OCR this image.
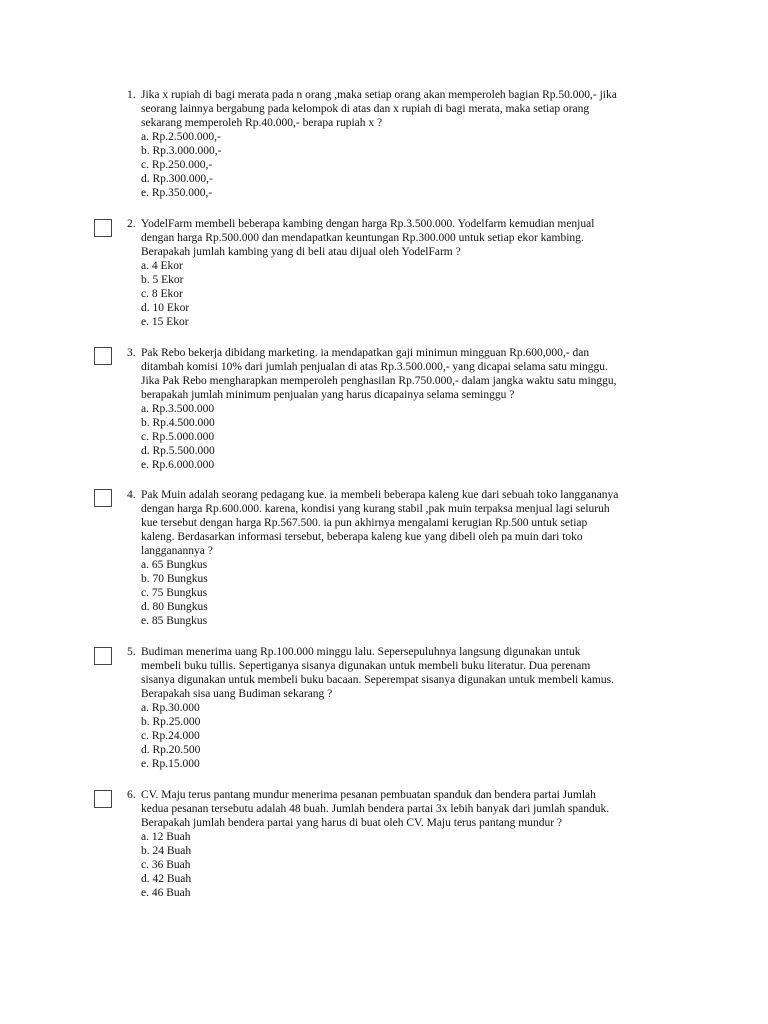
1. Jika x rupiah di bagi merata pada n orang ,maka setiap orang akan memperoleh bagian Rp.50.000,- jika
seorang lainnya bergabung pada kelompok di atas dan x rupiah di bagi merata, maka setiap orang
sekarang memperoleh Rp.40.000,- berapa rupiah x ?
a. Rp.2.500.000,-
b. Rp.3.000.000,-
c. Rp.250.000,-
d. Rp.300.000,-
e. Rp.350.000,-
2. YodelFarm membeli beberapa kambing dengan harga Rp.3.500.000. Yodelfarm kemudian menjual
dengan harga Rp.500.000 dan mendapatkan keuntungan Rp.300.000 untuk setiap ekor kambing.
Berapakah jumlah kambing yang di beli atau dijual oleh YodelFarm ?
a. 4 Ekor
b. 5 Ekor
c. 8 Ekor
d. 10 Ekor
e. 15 Ekor
3. Pak Rebo bekerja dibidang marketing. ia mendapatkan gaji minimun mingguan Rp.600,000,- dan
ditambah komisi 10% dari jumlah penjualan di atas Rp.3.500.000,- yang dicapai selama satu minggu.
Jika Pak Rebo mengharapkan memperoleh penghasilan Rp.750.000,- dalam jangka waktu satu minggu,
berapakah jumlah minimum penjualan yang harus dicapainya selama seminggu ?
a. Rp.3.500.000
b. Rp.4.500.000
c. Rp.5.000.000
d. Rp.5.500.000
e. Rp.6.000.000
4. Pak Muin adalah seorang pedagang kue. ia membeli beberapa kaleng kue dari sebuah toko langgananya
dengan harga Rp.600.000. karena, kondisi yang kurang stabil ,pak muin terpaksa menjual lagi seluruh
kue tersebut dengan harga Rp.567.500. ia pun akhirnya mengalami kerugian Rp.500 untuk setiap
kaleng. Berdasarkan informasi tersebut, beberapa kaleng kue yang dibeli oleh pa muin dari toko
langganannya ?
a. 65 Bungkus
b. 70 Bungkus
c. 75 Bungkus
d. 80 Bungkus
e. 85 Bungkus
5. Budiman menerima uang Rp.100.000 minggu lalu. Sepersepuluhnya langsung digunakan untuk
membeli buku tullis. Sepertiganya sisanya digunakan untuk membeli buku literatur. Dua perenam
sisanya digunakan untuk membeli buku bacaan. Seperempat sisanya digunakan untuk membeli kamus.
Berapakah sisa uang Budiman sekarang ?
a. Rp.30.000
b. Rp.25.000
c. Rp.24.000
d. Rp.20.500
e. Rp.15.000
6. CV. Maju terus pantang mundur menerima pesanan pembuatan spanduk dan bendera partai Jumlah
kedua pesanan tersebutu adalah 48 buah. Jumlah bendera partai 3x lebih banyak dari jumlah spanduk.
Berapakah jumlah bendera partai yang harus di buat oleh CV. Maju terus pantang mundur ?
a. 12 Buah
b. 24 Buah
c. 36 Buah
d. 42 Buah
e. 46 Buah
